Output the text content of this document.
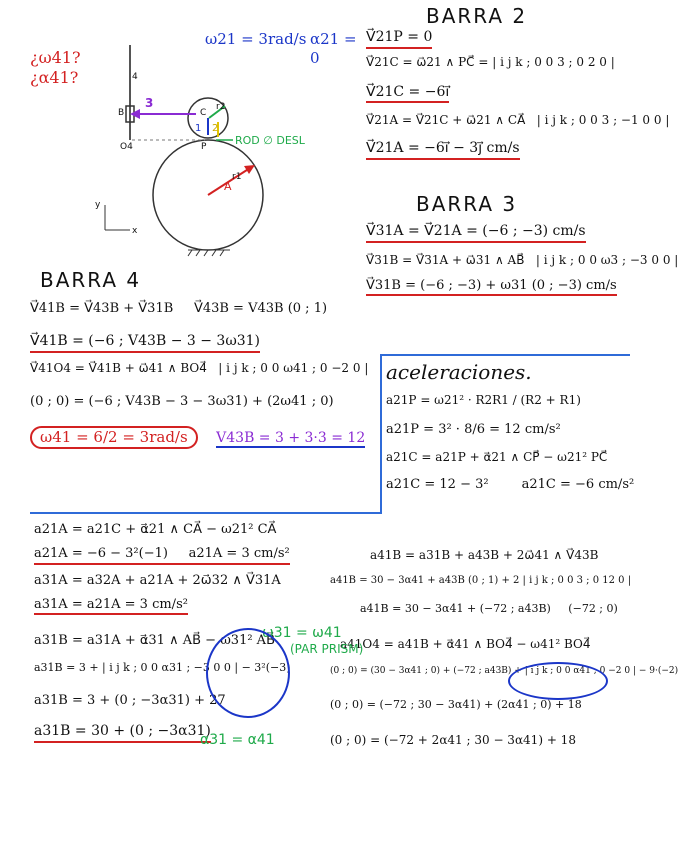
ω21 = 3rad/s α21 = 0
¿ω41?
¿α41?
ROD ∅ DESL
B
O4	P
C
A
3
1 2
4
r1
r2
y
x
BARRA 2
V⃗21P = 0
V⃗21C = ω⃗21 ∧ PC⃗ = | i j k ; 0 0 3 ; 0 2 0 |
V⃗21C = −6i⃗
V⃗21A = V⃗21C + ω⃗21 ∧ CA⃗   | i j k ; 0 0 3 ; −1 0 0 |
V⃗21A = −6i⃗ − 3j⃗ cm/s
BARRA 3
V⃗31A = V⃗21A = (−6 ; −3) cm/s
V⃗31B = V⃗31A + ω⃗31 ∧ AB⃗   | i j k ; 0 0 ω3 ; −3 0 0 |
V⃗31B = (−6 ; −3) + ω31 (0 ; −3) cm/s
BARRA 4
V⃗41B = V⃗43B + V⃗31B     V⃗43B = V43B (0 ; 1)
V⃗41B = (−6 ; V43B − 3 − 3ω31)
V⃗41O4 = V⃗41B + ω⃗41 ∧ BO4⃗   | i j k ; 0 0 ω41 ; 0 −2 0 |
(0 ; 0) = (−6 ; V43B − 3 − 3ω31) + (2ω41 ; 0)
ω41 = 6/2 = 3rad/s V43B = 3 + 3·3 = 12
aceleraciones.
a21P = ω21² · R2R1 / (R2 + R1)
a21P = 3² · 8/6 = 12 cm/s²
a21C = a21P + α⃗21 ∧ CP⃗ − ω21² PC⃗
a21C = 12 − 3²        a21C = −6 cm/s²
a41B = a31B + a43B + 2ω⃗41 ∧ V⃗43B
a41B = 30 − 3α41 + a43B (0 ; 1) + 2 | i j k ; 0 0 3 ; 0 12 0 |
a41B = 30 − 3α41 + (−72 ; a43B)     (−72 ; 0)
a41O4 = a41B + α⃗41 ∧ BO4⃗ − ω41² BO4⃗
(0 ; 0) = (30 − 3α41 ; 0) + (−72 ; a43B) + | i j k ; 0 0 α41 ; 0 −2 0 | − 9·(−2)
(0 ; 0) = (−72 ; 30 − 3α41) + (2α41 ; 0) + 18
(0 ; 0) = (−72 + 2α41 ; 30 − 3α41) + 18
a21A = a21C + α⃗21 ∧ CA⃗ − ω21² CA⃗
a21A = −6 − 3²(−1)     a21A = 3 cm/s²
a31A = a32A + a21A + 2ω⃗32 ∧ V⃗31A
a31A = a21A = 3 cm/s²
a31B = a31A + α⃗31 ∧ AB⃗ − ω31² AB⃗
a31B = 3 + | i j k ; 0 0 α31 ; −3 0 0 | − 3²(−3)
a31B = 3 + (0 ; −3α31) + 27
a31B = 30 + (0 ; −3α31)
ω31 = ω41
(PAR PRISM)
α31 = α41
